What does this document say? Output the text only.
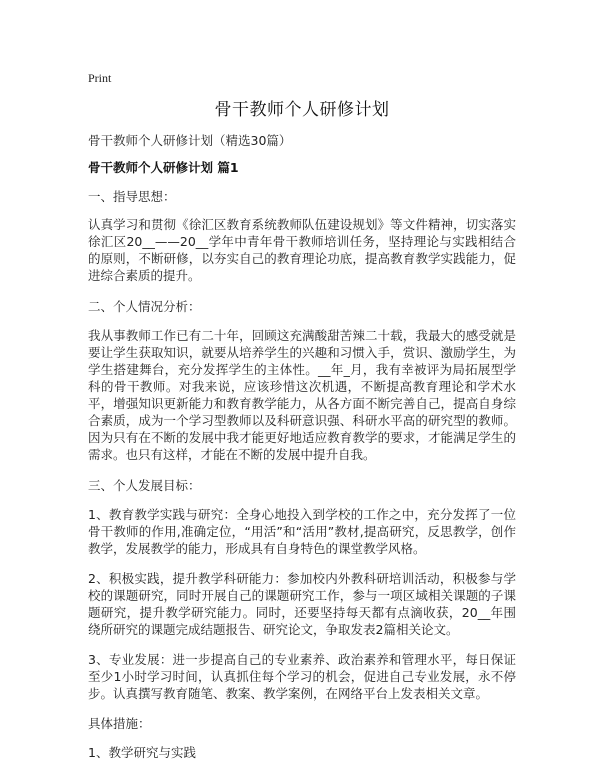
Print

骨干教师个人研修计划

骨干教师个人研修计划（精选30篇）

骨干教师个人研修计划 篇1

一、指导思想：

认真学习和贯彻《徐汇区教育系统教师队伍建设规划》等文件精神，切实落实徐汇区20__——20__学年中青年骨干教师培训任务，坚持理论与实践相结合的原则，不断研修，以夯实自己的教育理论功底，提高教育教学实践能力，促进综合素质的提升。

二、个人情况分析：

我从事教师工作已有二十年，回顾这充满酸甜苦辣二十载，我最大的感受就是要让学生获取知识，就要从培养学生的兴趣和习惯入手，赏识、激励学生，为学生搭建舞台，充分发挥学生的主体性。__年_月，我有幸被评为局拓展型学科的骨干教师。对我来说，应该珍惜这次机遇，不断提高教育理论和学术水平，增强知识更新能力和教育教学能力，从各方面不断完善自己，提高自身综合素质，成为一个学习型教师以及科研意识强、科研水平高的研究型的教师。因为只有在不断的发展中我才能更好地适应教育教学的要求，才能满足学生的需求。也只有这样，才能在不断的发展中提升自我。

三、个人发展目标：

1、教育教学实践与研究：全身心地投入到学校的工作之中，充分发挥了一位骨干教师的作用,准确定位，“用活”和“活用”教材,提高研究，反思教学，创作教学，发展教学的能力，形成具有自身特色的课堂教学风格。

2、积极实践，提升教学科研能力：参加校内外教科研培训活动，积极参与学校的课题研究，同时开展自己的课题研究工作，参与一项区域相关课题的子课题研究，提升教学研究能力。同时，还要坚持每天都有点滴收获，20__年围绕所研究的课题完成结题报告、研究论文，争取发表2篇相关论文。

3、专业发展：进一步提高自己的专业素养、政治素养和管理水平，每日保证至少1小时学习时间，认真抓住每个学习的机会，促进自己专业发展，永不停步。认真撰写教育随笔、教案、教学案例，在网络平台上发表相关文章。

具体措施：

1、教学研究与实践
